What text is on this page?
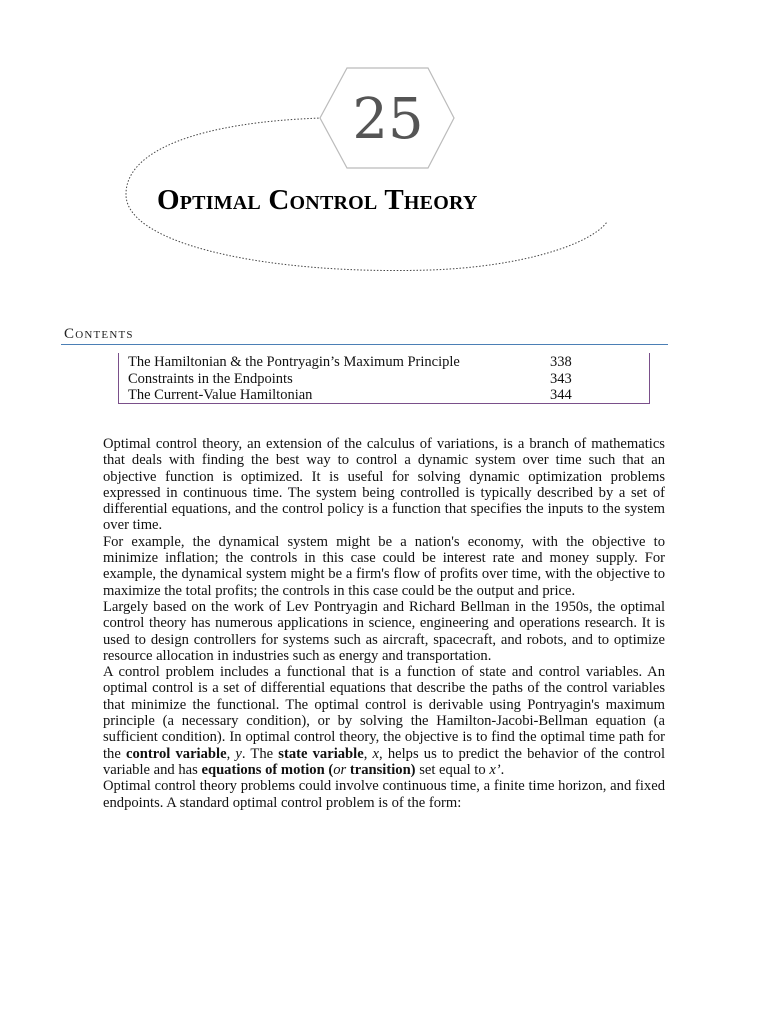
25
Optimal Control Theory
Contents
The Hamiltonian & the Pontryagin’s Maximum Principle	338
Constraints in the Endpoints	343
The Current-Value Hamiltonian	344

Optimal control theory, an extension of the calculus of variations, is a branch of mathematics that deals with finding the best way to control a dynamic system over time such that an objective function is optimized. It is useful for solving dynamic optimization problems expressed in continuous time. The system being controlled is typically described by a set of differential equations, and the control policy is a function that specifies the inputs to the system over time.

For example, the dynamical system might be a nation's economy, with the objective to minimize inflation; the controls in this case could be interest rate and money supply. For example, the dynamical system might be a firm's flow of profits over time, with the objective to maximize the total profits; the controls in this case could be the output and price.

Largely based on the work of Lev Pontryagin and Richard Bellman in the 1950s, the optimal control theory has numerous applications in science, engineering and operations research. It is used to design controllers for systems such as aircraft, spacecraft, and robots, and to optimize resource allocation in industries such as energy and transportation.

A control problem includes a functional that is a function of state and control variables. An optimal control is a set of differential equations that describe the paths of the control variables that minimize the functional. The optimal control is derivable using Pontryagin's maximum principle (a necessary condition), or by solving the Hamilton-Jacobi-Bellman equation (a sufficient condition). In optimal control theory, the objective is to find the optimal time path for the control variable, y. The state variable, x, helps us to predict the behavior of the control variable and has equations of motion (or transition) set equal to x’.

Optimal control theory problems could involve continuous time, a finite time horizon, and fixed endpoints. A standard optimal control problem is of the form:
